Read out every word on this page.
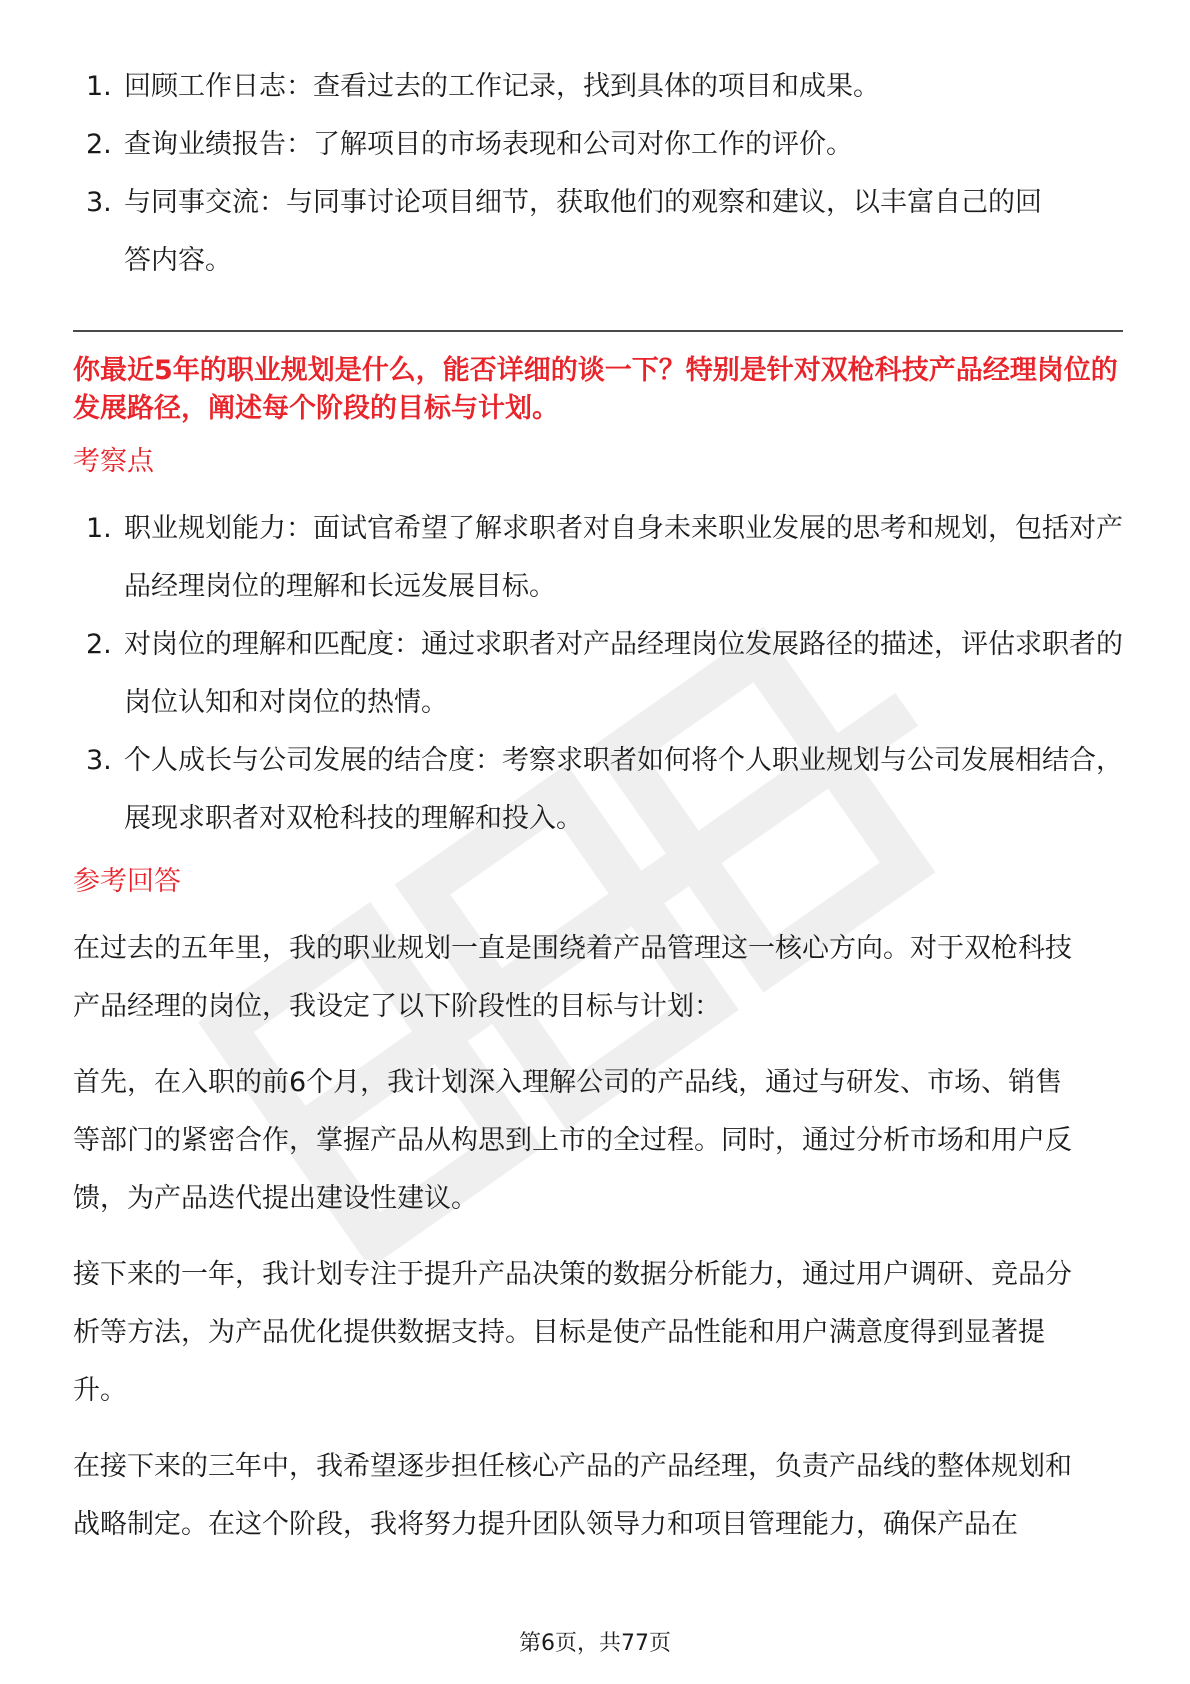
1. 回顾工作日志：查看过去的工作记录，找到具体的项目和成果。
2. 查询业绩报告：了解项目的市场表现和公司对你工作的评价。
3. 与同事交流：与同事讨论项目细节，获取他们的观察和建议，以丰富自己的回答内容。

你最近5年的职业规划是什么，能否详细的谈一下？特别是针对双枪科技产品经理岗位的发展路径，阐述每个阶段的目标与计划。

考察点

1. 职业规划能力：面试官希望了解求职者对自身未来职业发展的思考和规划，包括对产品经理岗位的理解和长远发展目标。
2. 对岗位的理解和匹配度：通过求职者对产品经理岗位发展路径的描述，评估求职者的岗位认知和对岗位的热情。
3. 个人成长与公司发展的结合度：考察求职者如何将个人职业规划与公司发展相结合，展现求职者对双枪科技的理解和投入。

参考回答

在过去的五年里，我的职业规划一直是围绕着产品管理这一核心方向。对于双枪科技产品经理的岗位，我设定了以下阶段性的目标与计划：

首先，在入职的前6个月，我计划深入理解公司的产品线，通过与研发、市场、销售等部门的紧密合作，掌握产品从构思到上市的全过程。同时，通过分析市场和用户反馈，为产品迭代提出建设性建议。

接下来的一年，我计划专注于提升产品决策的数据分析能力，通过用户调研、竞品分析等方法，为产品优化提供数据支持。目标是使产品性能和用户满意度得到显著提升。

在接下来的三年中，我希望逐步担任核心产品的产品经理，负责产品线的整体规划和战略制定。在这个阶段，我将努力提升团队领导力和项目管理能力，确保产品在

第6页，共77页
